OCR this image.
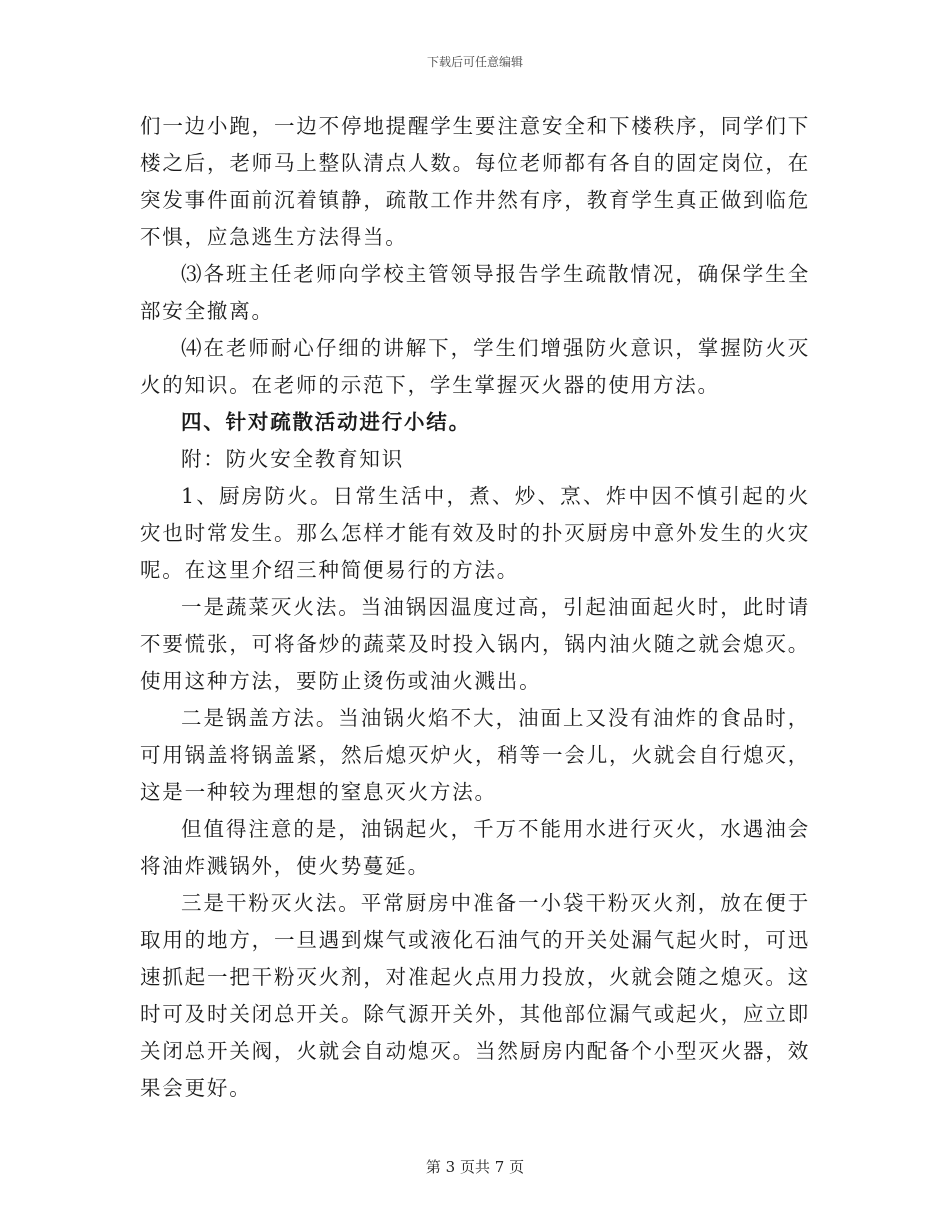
下载后可任意编辑

们一边小跑，一边不停地提醒学生要注意安全和下楼秩序，同学们下楼之后，老师马上整队清点人数。每位老师都有各自的固定岗位，在突发事件面前沉着镇静，疏散工作井然有序，教育学生真正做到临危不惧，应急逃生方法得当。

⑶各班主任老师向学校主管领导报告学生疏散情况，确保学生全部安全撤离。

⑷在老师耐心仔细的讲解下，学生们增强防火意识，掌握防火灭火的知识。在老师的示范下，学生掌握灭火器的使用方法。

四、针对疏散活动进行小结。

附：防火安全教育知识

1、厨房防火。日常生活中，煮、炒、烹、炸中因不慎引起的火灾也时常发生。那么怎样才能有效及时的扑灭厨房中意外发生的火灾呢。在这里介绍三种简便易行的方法。

一是蔬菜灭火法。当油锅因温度过高，引起油面起火时，此时请不要慌张，可将备炒的蔬菜及时投入锅内，锅内油火随之就会熄灭。使用这种方法，要防止烫伤或油火溅出。

二是锅盖方法。当油锅火焰不大，油面上又没有油炸的食品时，可用锅盖将锅盖紧，然后熄灭炉火，稍等一会儿，火就会自行熄灭，这是一种较为理想的窒息灭火方法。

但值得注意的是，油锅起火，千万不能用水进行灭火，水遇油会将油炸溅锅外，使火势蔓延。

三是干粉灭火法。平常厨房中准备一小袋干粉灭火剂，放在便于取用的地方，一旦遇到煤气或液化石油气的开关处漏气起火时，可迅速抓起一把干粉灭火剂，对准起火点用力投放，火就会随之熄灭。这时可及时关闭总开关。除气源开关外，其他部位漏气或起火，应立即关闭总开关阀，火就会自动熄灭。当然厨房内配备个小型灭火器，效果会更好。

第 3 页共 7 页
